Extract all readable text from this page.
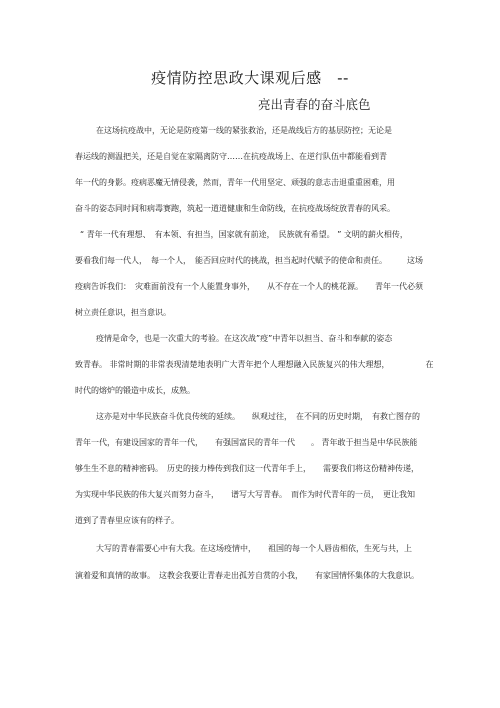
疫情防控思政大课观后感　--
亮出青春的奋斗底色
在这场抗疫战中，无论是防疫第一线的紧张救治，还是战线后方的基层防控；无论是
春运线的测温把关，还是自觉在家隔离防守……在抗疫战场上、在逆行队伍中都能看到青
年一代的身影。疫病恶魔无情侵袭，然而，青年一代用坚定、顽强的意志击退重重困难，用
奋斗的姿态同时间和病毒赛跑，筑起一道道健康和生命防线，在抗疫战场绽放青春的风采。
“ 青年一代有理想、　有本领、有担当，国家就有前途，　民族就有希望。 ” 文明的薪火相传，
要看我们每一代人，　每一个人，　能否回应时代的挑战，担当起时代赋予的使命和责任。　　　这场
疫病告诉我们：　灾难面前没有一个人能置身事外，　　从不存在一个人的桃花源。　　青年一代必须
树立责任意识，担当意识。
疫情是命令，也是一次重大的考验。在这次战”疫”中青年以担当、奋斗和奉献的姿态
致青春。 非常时期的非常表现清楚地表明广大青年把个人理想融入民族复兴的伟大理想，　　　　　在
时代的熔炉的锻造中成长，成熟。
这亦是对中华民族奋斗优良传统的延续。　　纵观过往，　在不同的历史时期，　有救亡图存的
青年一代，有建设国家的青年一代，　　有强国富民的青年一代　　。 青年敢于担当是中华民族能
够生生不息的精神密码。　历史的接力棒传到我们这一代青年手上，　　需要我们将这份精神传递，
为实现中华民族的伟大复兴而努力奋斗，　　谱写大写青春。　而作为时代青年的一员，　更让我知
道到了青春里应该有的样子。
大写的青春需要心中有大我。在这场疫情中，　　祖国的每一个人唇齿相依，生死与共，上
演着爱和真情的故事。　这教会我要让青春走出孤芳自赏的小我，　　有家国情怀集体的大我意识。
